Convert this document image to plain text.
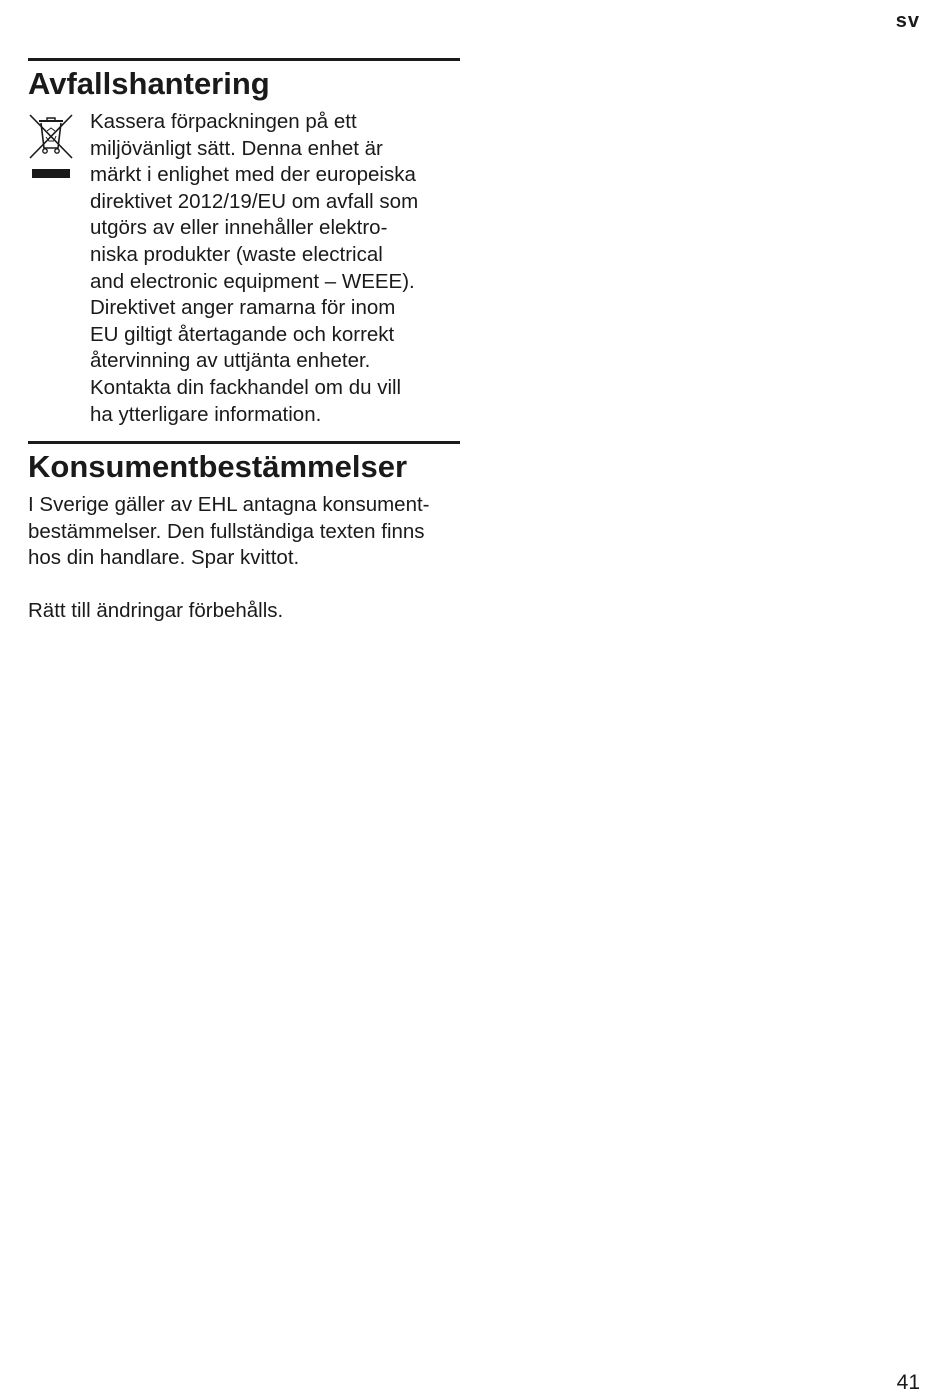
sv
Avfallshantering
Kassera förpackningen på ett
miljövänligt sätt. Denna enhet är
märkt i enlighet med der europeiska
direktivet 2012/19/EU om avfall som
utgörs av eller innehåller elektro-
niska produkter (waste electrical
and electronic equipment – WEEE).
Direktivet anger ramarna för inom
EU giltigt återtagande och korrekt
återvinning av uttjänta enheter.
Kontakta din fackhandel om du vill
ha ytterligare information.
Konsumentbestämmelser
I Sverige gäller av EHL antagna konsument-
bestämmelser. Den fullständiga texten finns
hos din handlare. Spar kvittot.
Rätt till ändringar förbehålls.
41
